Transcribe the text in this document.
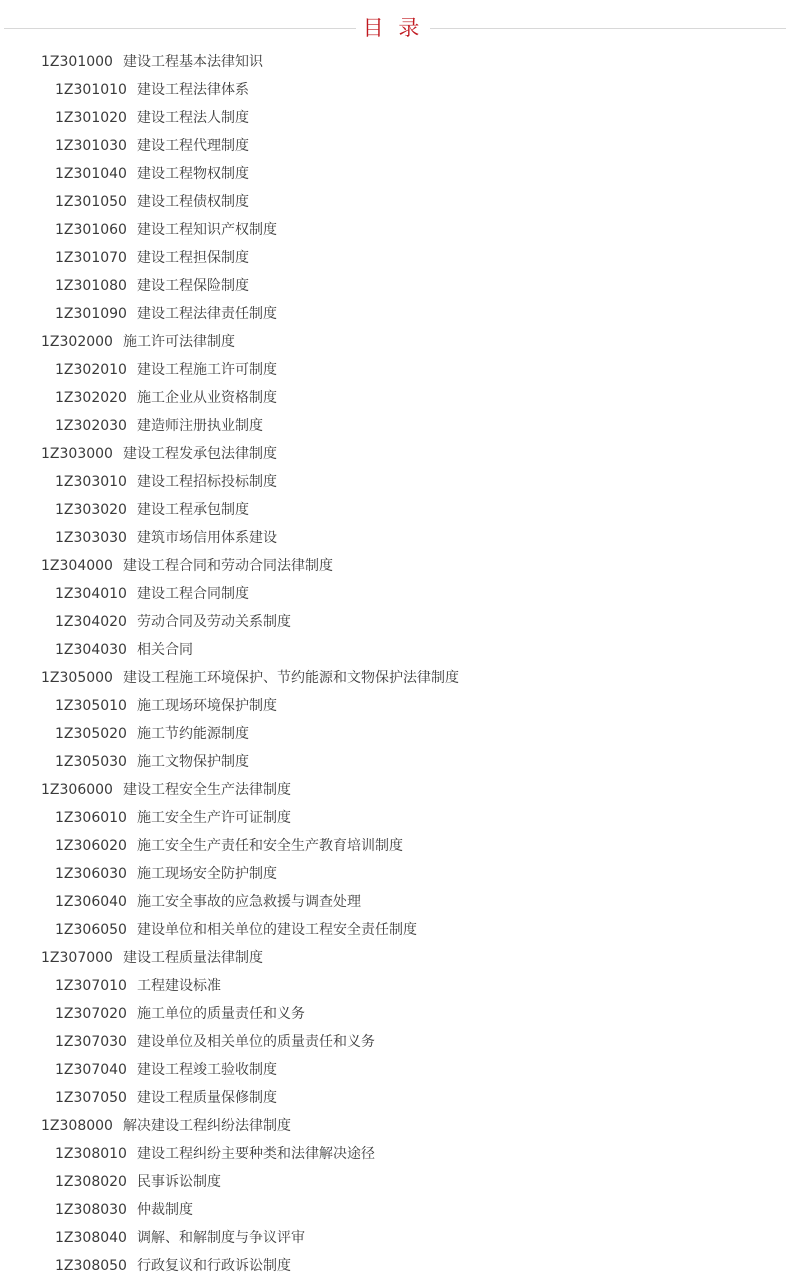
目 录
1Z301000 建设工程基本法律知识
1Z301010 建设工程法律体系
1Z301020 建设工程法人制度
1Z301030 建设工程代理制度
1Z301040 建设工程物权制度
1Z301050 建设工程债权制度
1Z301060 建设工程知识产权制度
1Z301070 建设工程担保制度
1Z301080 建设工程保险制度
1Z301090 建设工程法律责任制度
1Z302000 施工许可法律制度
1Z302010 建设工程施工许可制度
1Z302020 施工企业从业资格制度
1Z302030 建造师注册执业制度
1Z303000 建设工程发承包法律制度
1Z303010 建设工程招标投标制度
1Z303020 建设工程承包制度
1Z303030 建筑市场信用体系建设
1Z304000 建设工程合同和劳动合同法律制度
1Z304010 建设工程合同制度
1Z304020 劳动合同及劳动关系制度
1Z304030 相关合同
1Z305000 建设工程施工环境保护、节约能源和文物保护法律制度
1Z305010 施工现场环境保护制度
1Z305020 施工节约能源制度
1Z305030 施工文物保护制度
1Z306000 建设工程安全生产法律制度
1Z306010 施工安全生产许可证制度
1Z306020 施工安全生产责任和安全生产教育培训制度
1Z306030 施工现场安全防护制度
1Z306040 施工安全事故的应急救援与调查处理
1Z306050 建设单位和相关单位的建设工程安全责任制度
1Z307000 建设工程质量法律制度
1Z307010 工程建设标准
1Z307020 施工单位的质量责任和义务
1Z307030 建设单位及相关单位的质量责任和义务
1Z307040 建设工程竣工验收制度
1Z307050 建设工程质量保修制度
1Z308000 解决建设工程纠纷法律制度
1Z308010 建设工程纠纷主要种类和法律解决途径
1Z308020 民事诉讼制度
1Z308030 仲裁制度
1Z308040 调解、和解制度与争议评审
1Z308050 行政复议和行政诉讼制度
